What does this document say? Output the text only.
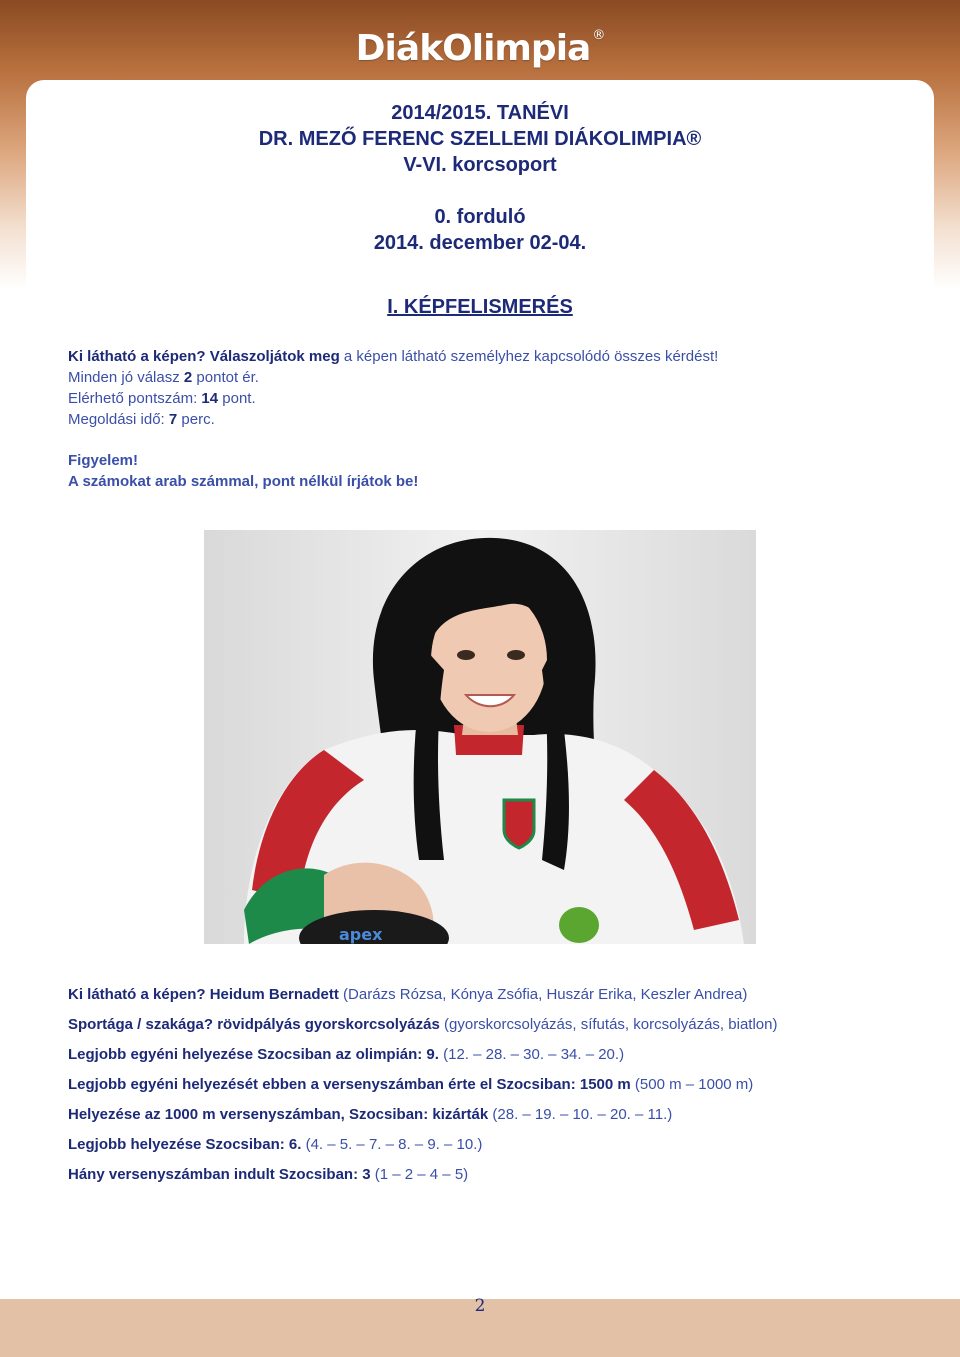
DiákOlimpia ®
2014/2015. TANÉVI
DR. MEZŐ FERENC SZELLEMI DIÁKOLIMPIA®
V-VI. korcsoport
0. forduló
2014. december 02-04.
I. KÉPFELISMERÉS
Ki látható a képen? Válaszoljátok meg a képen látható személyhez kapcsolódó összes kérdést!
Minden jó válasz 2 pontot ér.
Elérhető pontszám: 14 pont.
Megoldási idő: 7 perc.
Figyelem!
A számokat arab számmal, pont nélkül írjátok be!
apex
Ki látható a képen? Heidum Bernadett (Darázs Rózsa, Kónya Zsófia, Huszár Erika, Keszler Andrea)
Sportága / szakága? rövidpályás gyorskorcsolyázás (gyorskorcsolyázás, sífutás, korcsolyázás, biatlon)
Legjobb egyéni helyezése Szocsiban az olimpián: 9. (12. – 28. – 30. – 34. – 20.)
Legjobb egyéni helyezését ebben a versenyszámban érte el Szocsiban: 1500 m (500 m – 1000 m)
Helyezése az 1000 m versenyszámban, Szocsiban: kizárták (28. – 19. – 10. – 20. – 11.)
Legjobb helyezése Szocsiban: 6. (4. – 5. – 7. – 8. – 9. – 10.)
Hány versenyszámban indult Szocsiban: 3 (1 – 2 – 4 – 5)
2
